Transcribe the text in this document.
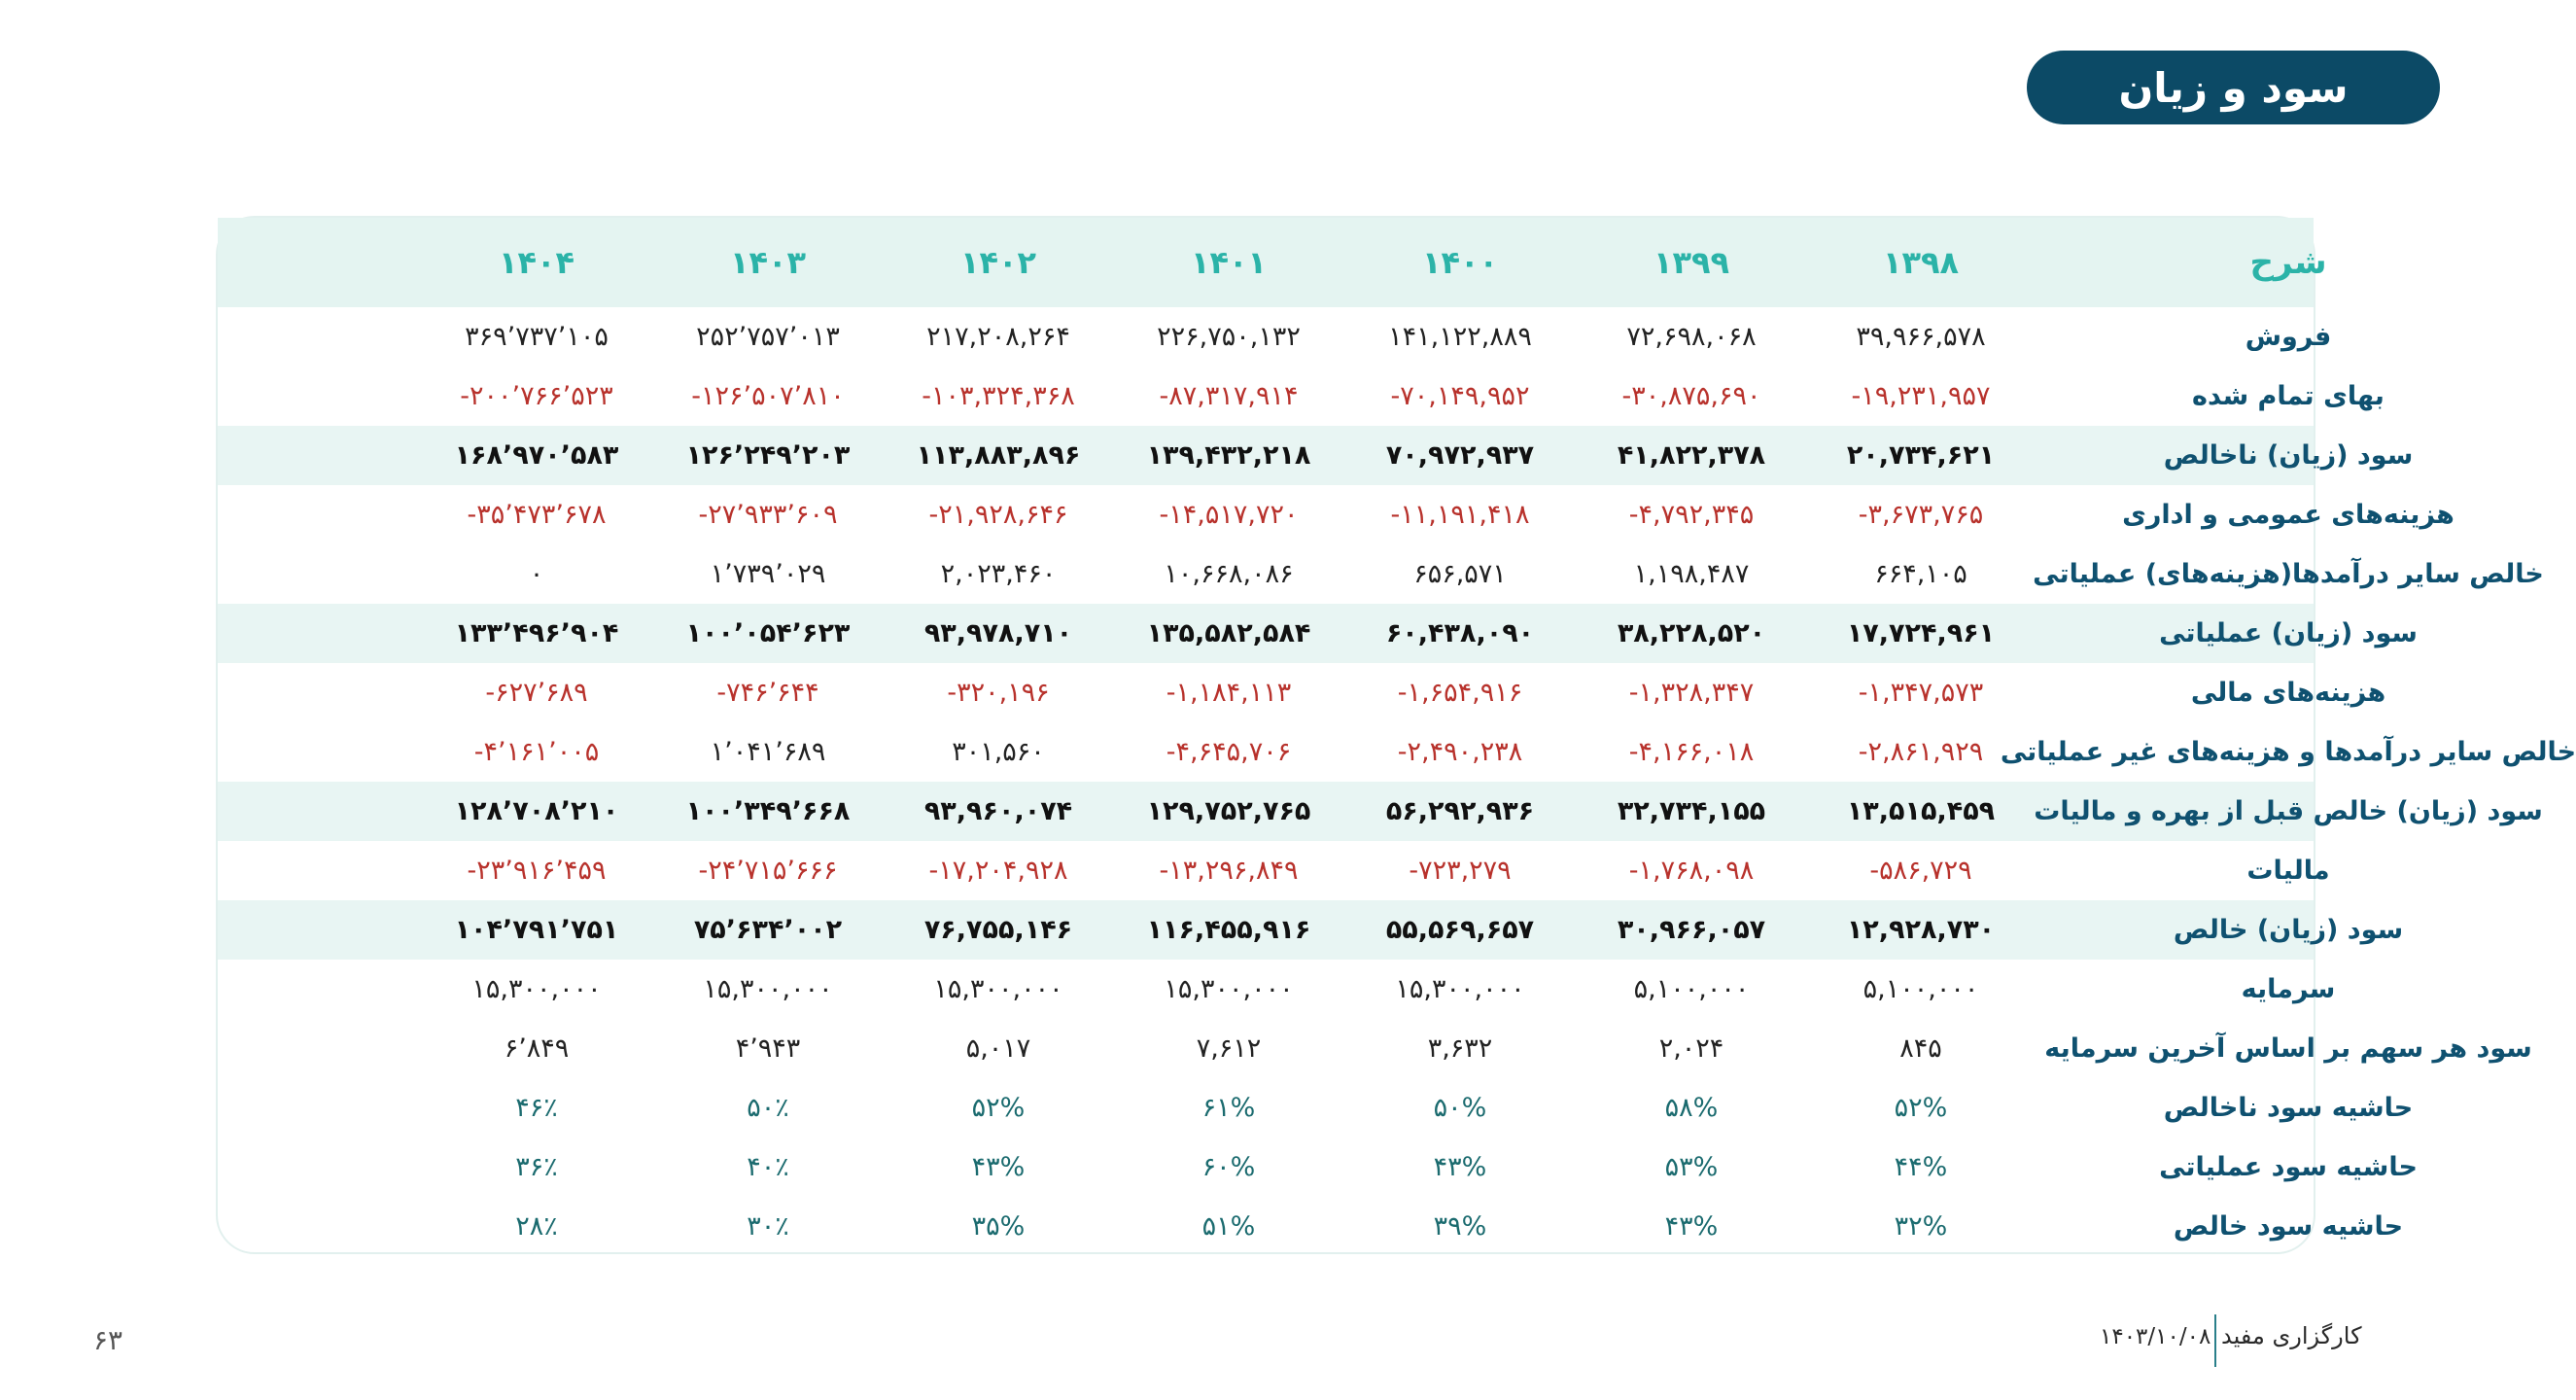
سود و زیان
شرح
۱۳۹۸
۱۳۹۹
۱۴۰۰
۱۴۰۱
۱۴۰۲
۱۴۰۳
۱۴۰۴
فروش
۳۹,۹۶۶,۵۷۸
۷۲,۶۹۸,۰۶۸
۱۴۱,۱۲۲,۸۸۹
۲۲۶,۷۵۰,۱۳۲
۲۱۷,۲۰۸,۲۶۴
۲۵۲’۷۵۷’۰۱۳
۳۶۹’۷۳۷’۱۰۵
بهای تمام شده
-۱۹,۲۳۱,۹۵۷
-۳۰,۸۷۵,۶۹۰
-۷۰,۱۴۹,۹۵۲
-۸۷,۳۱۷,۹۱۴
-۱۰۳,۳۲۴,۳۶۸
-۱۲۶’۵۰۷’۸۱۰
-۲۰۰’۷۶۶’۵۲۳
سود (زیان) ناخالص
۲۰,۷۳۴,۶۲۱
۴۱,۸۲۲,۳۷۸
۷۰,۹۷۲,۹۳۷
۱۳۹,۴۳۲,۲۱۸
۱۱۳,۸۸۳,۸۹۶
۱۲۶’۲۴۹’۲۰۳
۱۶۸’۹۷۰’۵۸۳
هزینه‌های عمومی و اداری
-۳,۶۷۳,۷۶۵
-۴,۷۹۲,۳۴۵
-۱۱,۱۹۱,۴۱۸
-۱۴,۵۱۷,۷۲۰
-۲۱,۹۲۸,۶۴۶
-۲۷’۹۳۳’۶۰۹
-۳۵’۴۷۳’۶۷۸
خالص سایر درآمدها(هزینه‌های) عملیاتی
۶۶۴,۱۰۵
۱,۱۹۸,۴۸۷
۶۵۶,۵۷۱
۱۰,۶۶۸,۰۸۶
۲,۰۲۳,۴۶۰
۱’۷۳۹’۰۲۹
۰
سود (زیان) عملیاتی
۱۷,۷۲۴,۹۶۱
۳۸,۲۲۸,۵۲۰
۶۰,۴۳۸,۰۹۰
۱۳۵,۵۸۲,۵۸۴
۹۳,۹۷۸,۷۱۰
۱۰۰’۰۵۴’۶۲۳
۱۳۳’۴۹۶’۹۰۴
هزینه‌های مالی
-۱,۳۴۷,۵۷۳
-۱,۳۲۸,۳۴۷
-۱,۶۵۴,۹۱۶
-۱,۱۸۴,۱۱۳
-۳۲۰,۱۹۶
-۷۴۶’۶۴۴
-۶۲۷’۶۸۹
خالص سایر درآمدها و هزینه‌های غیر عملیاتی
-۲,۸۶۱,۹۲۹
-۴,۱۶۶,۰۱۸
-۲,۴۹۰,۲۳۸
-۴,۶۴۵,۷۰۶
۳۰۱,۵۶۰
۱’۰۴۱’۶۸۹
-۴’۱۶۱’۰۰۵
سود (زیان) خالص قبل از بهره و مالیات
۱۳,۵۱۵,۴۵۹
۳۲,۷۳۴,۱۵۵
۵۶,۲۹۲,۹۳۶
۱۲۹,۷۵۲,۷۶۵
۹۳,۹۶۰,۰۷۴
۱۰۰’۳۴۹’۶۶۸
۱۲۸’۷۰۸’۲۱۰
مالیات
-۵۸۶,۷۲۹
-۱,۷۶۸,۰۹۸
-۷۲۳,۲۷۹
-۱۳,۲۹۶,۸۴۹
-۱۷,۲۰۴,۹۲۸
-۲۴’۷۱۵’۶۶۶
-۲۳’۹۱۶’۴۵۹
سود (زیان) خالص
۱۲,۹۲۸,۷۳۰
۳۰,۹۶۶,۰۵۷
۵۵,۵۶۹,۶۵۷
۱۱۶,۴۵۵,۹۱۶
۷۶,۷۵۵,۱۴۶
۷۵’۶۳۴’۰۰۲
۱۰۴’۷۹۱’۷۵۱
سرمایه
۵,۱۰۰,۰۰۰
۵,۱۰۰,۰۰۰
۱۵,۳۰۰,۰۰۰
۱۵,۳۰۰,۰۰۰
۱۵,۳۰۰,۰۰۰
۱۵,۳۰۰,۰۰۰
۱۵,۳۰۰,۰۰۰
سود هر سهم بر اساس آخرین سرمایه
۸۴۵
۲,۰۲۴
۳,۶۳۲
۷,۶۱۲
۵,۰۱۷
۴’۹۴۳
۶’۸۴۹
حاشیه سود ناخالص
۵۲%
۵۸%
۵۰%
۶۱%
۵۲%
۵۰٪
۴۶٪
حاشیه سود عملیاتی
۴۴%
۵۳%
۴۳%
۶۰%
۴۳%
۴۰٪
۳۶٪
حاشیه سود خالص
۳۲%
۴۳%
۳۹%
۵۱%
۳۵%
۳۰٪
۲۸٪
کارگزاری مفید
۱۴۰۳/۱۰/۰۸
۶۳
